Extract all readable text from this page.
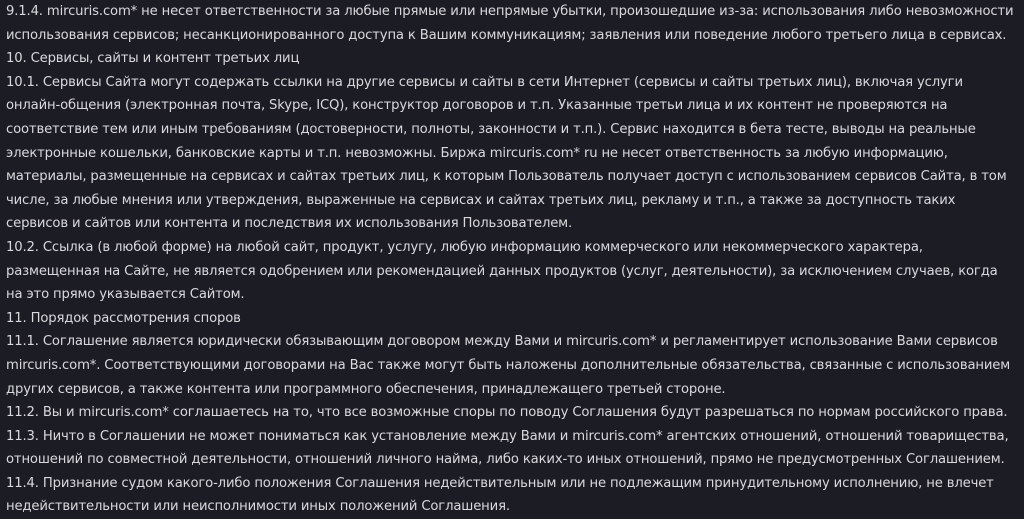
9.1.4. mircuris.com* не несет ответственности за любые прямые или непрямые убытки, произошедшие из-за: использования либо невозможности использования сервисов; несанкционированного доступа к Вашим коммуникациям; заявления или поведение любого третьего лица в сервисах.

10. Сервисы, сайты и контент третьих лиц

10.1. Сервисы Сайта могут содержать ссылки на другие сервисы и сайты в сети Интернет (сервисы и сайты третьих лиц), включая услуги онлайн-общения (электронная почта, Skype, ICQ), конструктор договоров и т.п. Указанные третьи лица и их контент не проверяются на соответствие тем или иным требованиям (достоверности, полноты, законности и т.п.). Сервис находится в бета тесте, выводы на реальные электронные кошельки, банковские карты и т.п. невозможны. Биржа mircuris.com* ru не несет ответственность за любую информацию, материалы, размещенные на сервисах и сайтах третьих лиц, к которым Пользователь получает доступ с использованием сервисов Сайта, в том числе, за любые мнения или утверждения, выраженные на сервисах и сайтах третьих лиц, рекламу и т.п., а также за доступность таких сервисов и сайтов или контента и последствия их использования Пользователем.

10.2. Ссылка (в любой форме) на любой сайт, продукт, услугу, любую информацию коммерческого или некоммерческого характера, размещенная на Сайте, не является одобрением или рекомендацией данных продуктов (услуг, деятельности), за исключением случаев, когда на это прямо указывается Сайтом.

11. Порядок рассмотрения споров

11.1. Соглашение является юридически обязывающим договором между Вами и mircuris.com* и регламентирует использование Вами сервисов mircuris.com*. Соответствующими договорами на Вас также могут быть наложены дополнительные обязательства, связанные с использованием других сервисов, а также контента или программного обеспечения, принадлежащего третьей стороне.

11.2. Вы и mircuris.com* соглашаетесь на то, что все возможные споры по поводу Соглашения будут разрешаться по нормам российского права.

11.3. Ничто в Соглашении не может пониматься как установление между Вами и mircuris.com* агентских отношений, отношений товарищества, отношений по совместной деятельности, отношений личного найма, либо каких-то иных отношений, прямо не предусмотренных Соглашением.

11.4. Признание судом какого-либо положения Соглашения недействительным или не подлежащим принудительному исполнению, не влечет недействительности или неисполнимости иных положений Соглашения.
